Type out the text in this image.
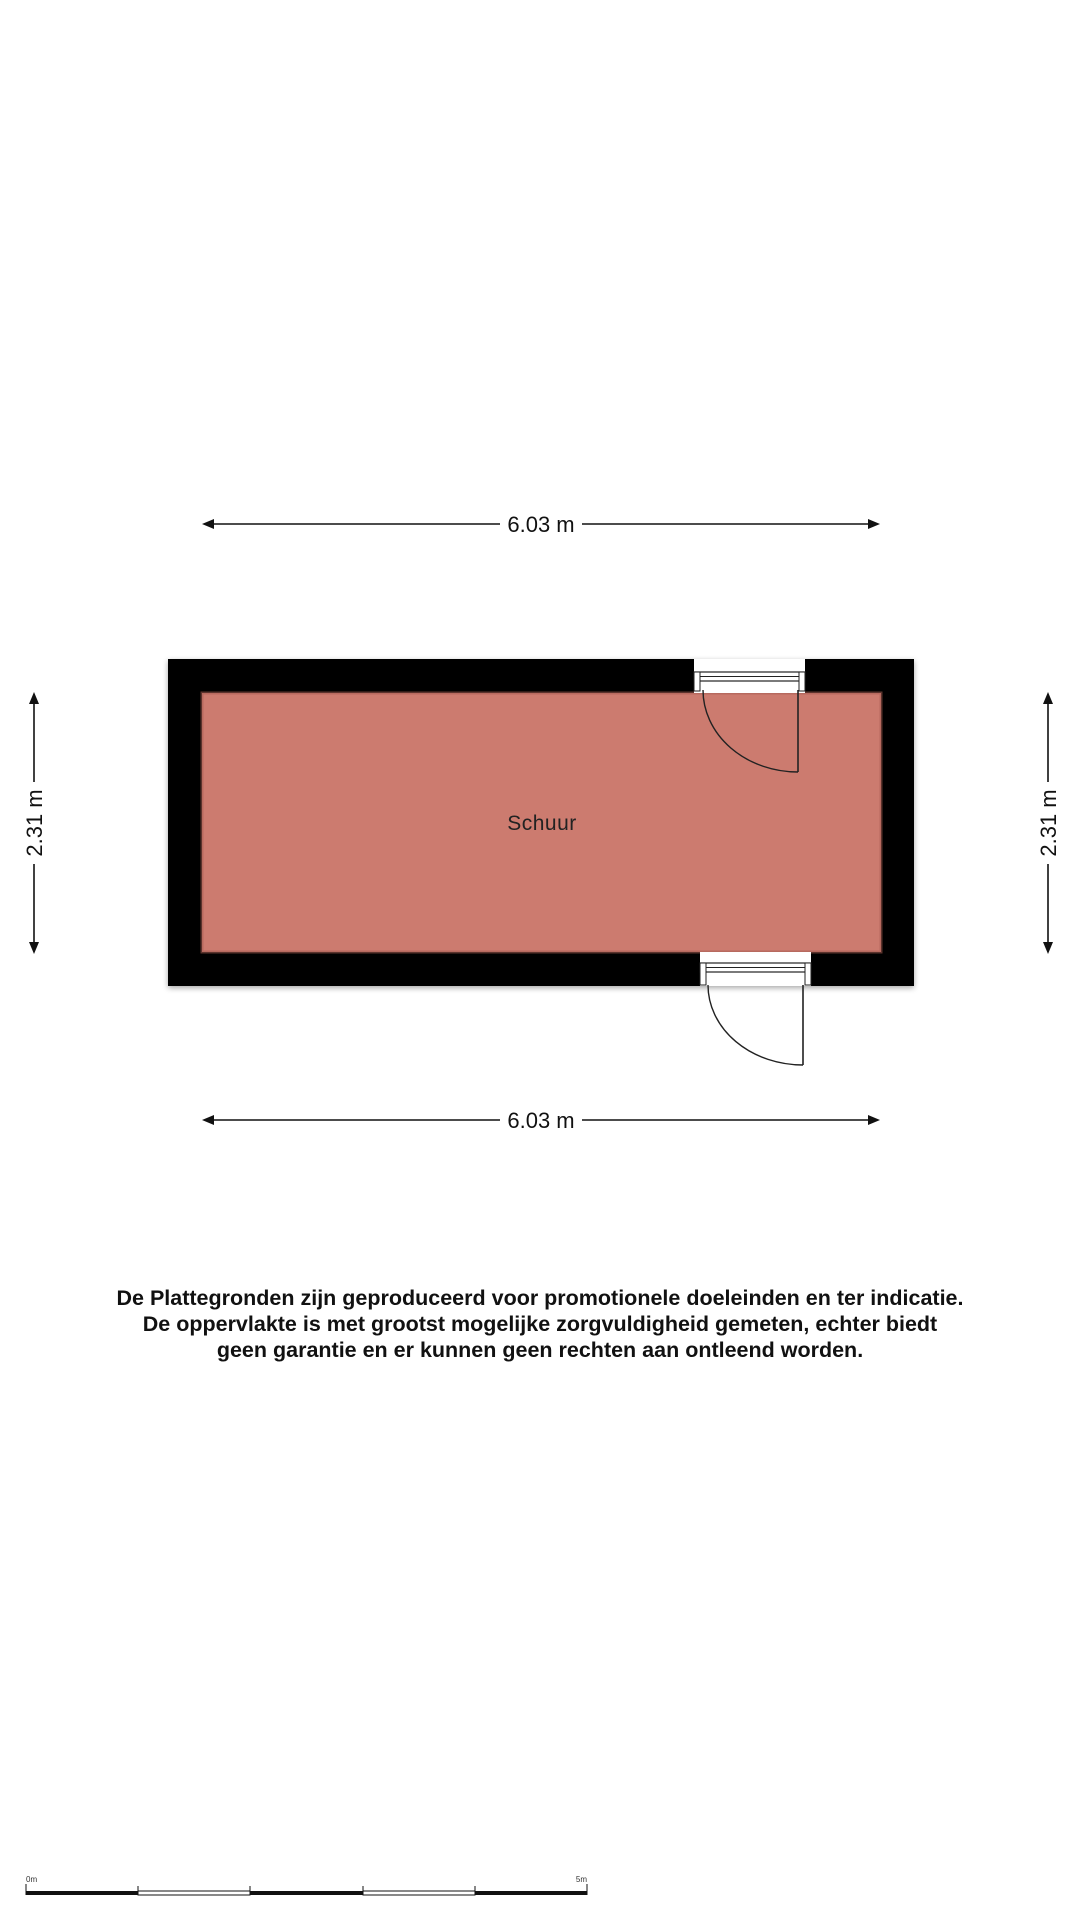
6.03 m
6.03 m
2.31 m	2.31 m
Schuur
0m	5m
De Plattegronden zijn geproduceerd voor promotionele doeleinden en ter indicatie.
De oppervlakte is met grootst mogelijke zorgvuldigheid gemeten, echter biedt
geen garantie en er kunnen geen rechten aan ontleend worden.
